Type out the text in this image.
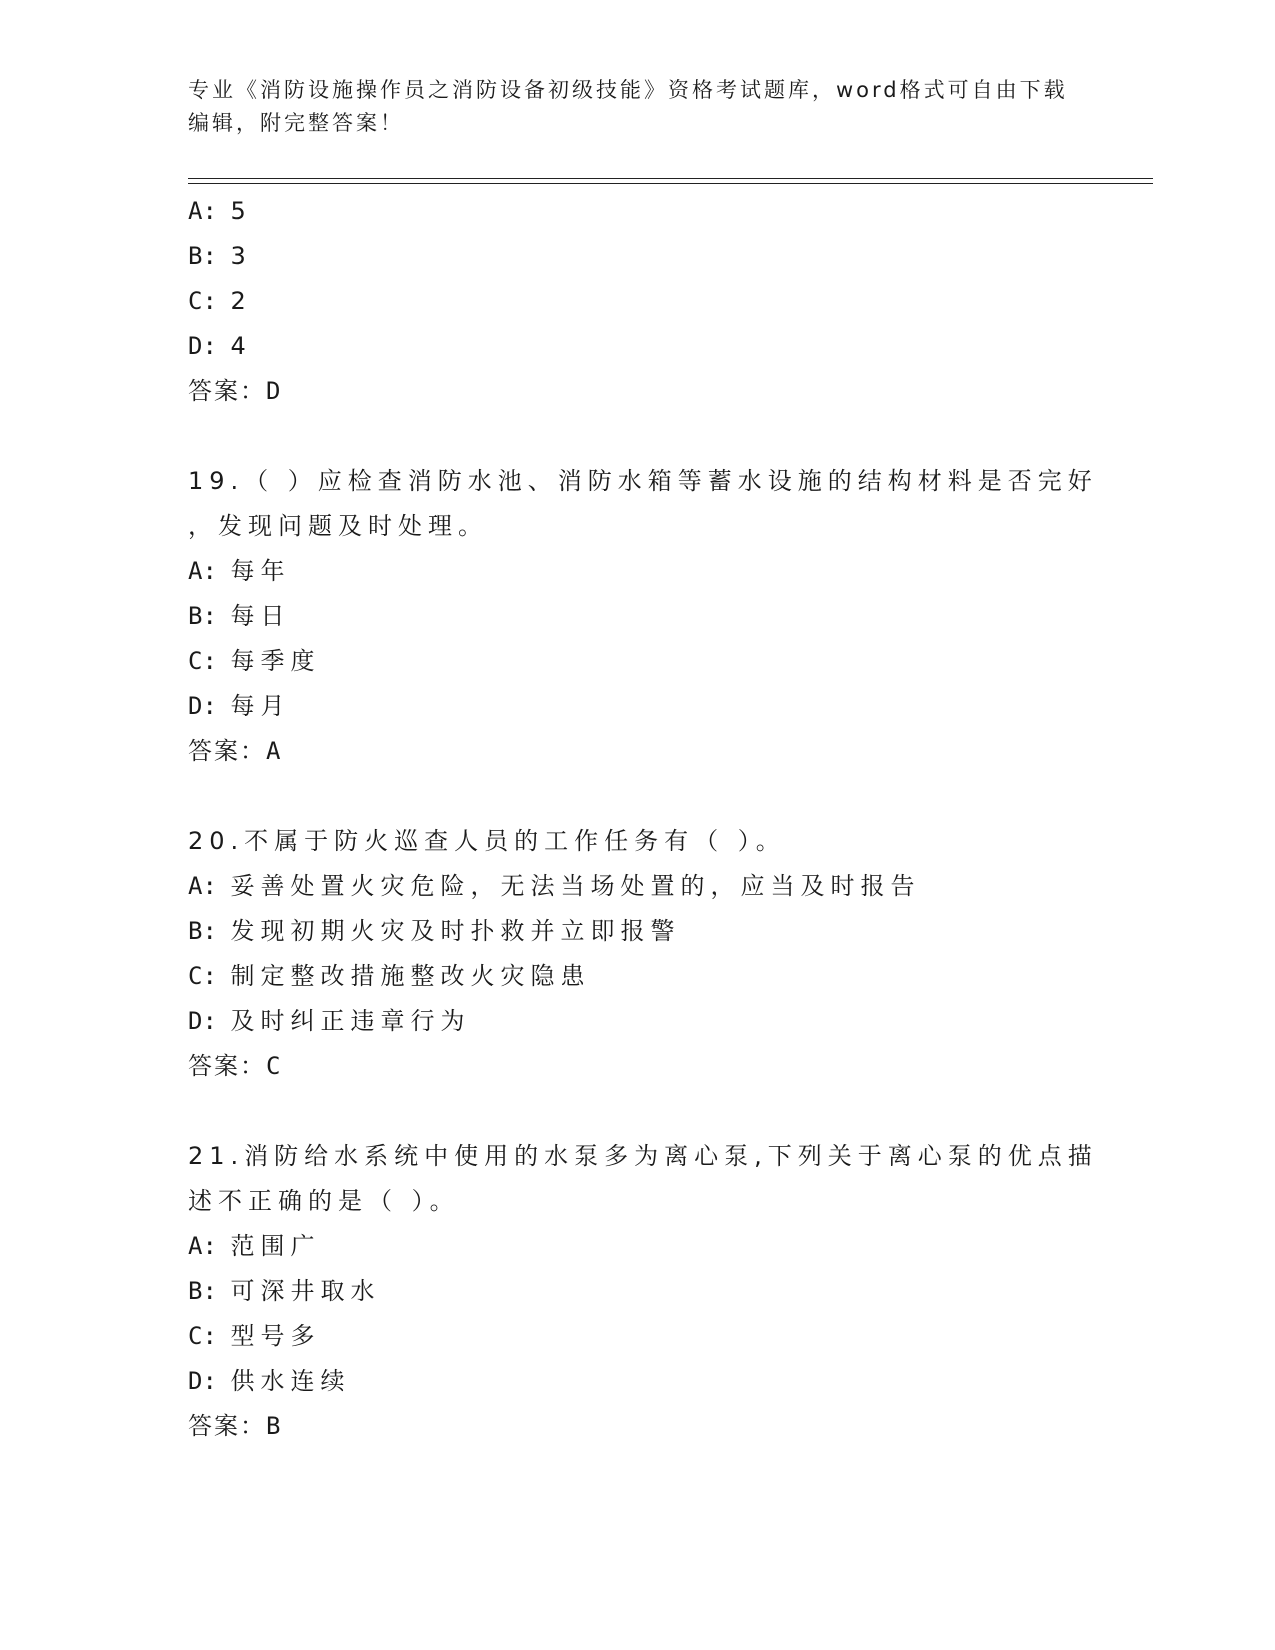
专业《消防设施操作员之消防设备初级技能》资格考试题库，word格式可自由下载编辑，附完整答案！
A: 5
B: 3
C: 2
D: 4
答案：D
19.（ ）应检查消防水池、消防水箱等蓄水设施的结构材料是否完好
，发现问题及时处理。
A: 每年
B: 每日
C: 每季度
D: 每月
答案：A
20.不属于防火巡查人员的工作任务有（ ）。
A: 妥善处置火灾危险，无法当场处置的，应当及时报告
B: 发现初期火灾及时扑救并立即报警
C: 制定整改措施整改火灾隐患
D: 及时纠正违章行为
答案：C
21.消防给水系统中使用的水泵多为离心泵,下列关于离心泵的优点描
述不正确的是（ ）。
A: 范围广
B: 可深井取水
C: 型号多
D: 供水连续
答案：B
